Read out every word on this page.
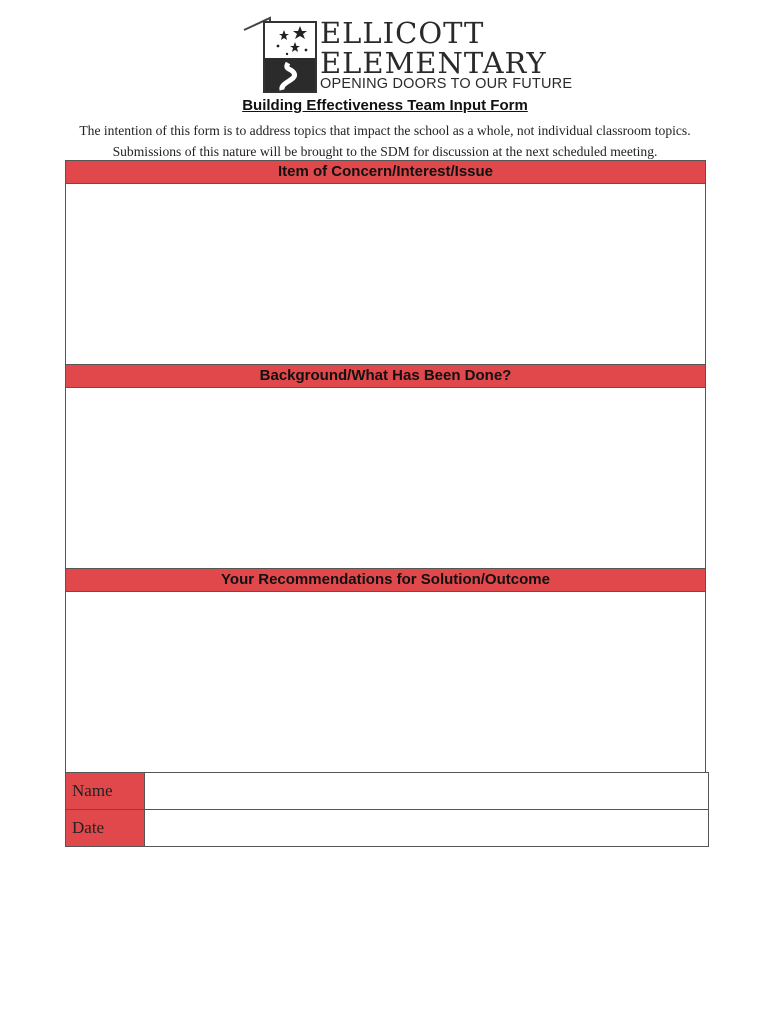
ELLICOTT
ELEMENTARY
OPENING DOORS TO OUR FUTURE
Building Effectiveness Team Input Form
The intention of this form is to address topics that impact the school as a whole, not individual classroom topics. Submissions of this nature will be brought to the SDM for discussion at the next scheduled meeting.
Item of Concern/Interest/Issue
Background/What Has Been Done?
Your Recommendations for Solution/Outcome
Name
Date
